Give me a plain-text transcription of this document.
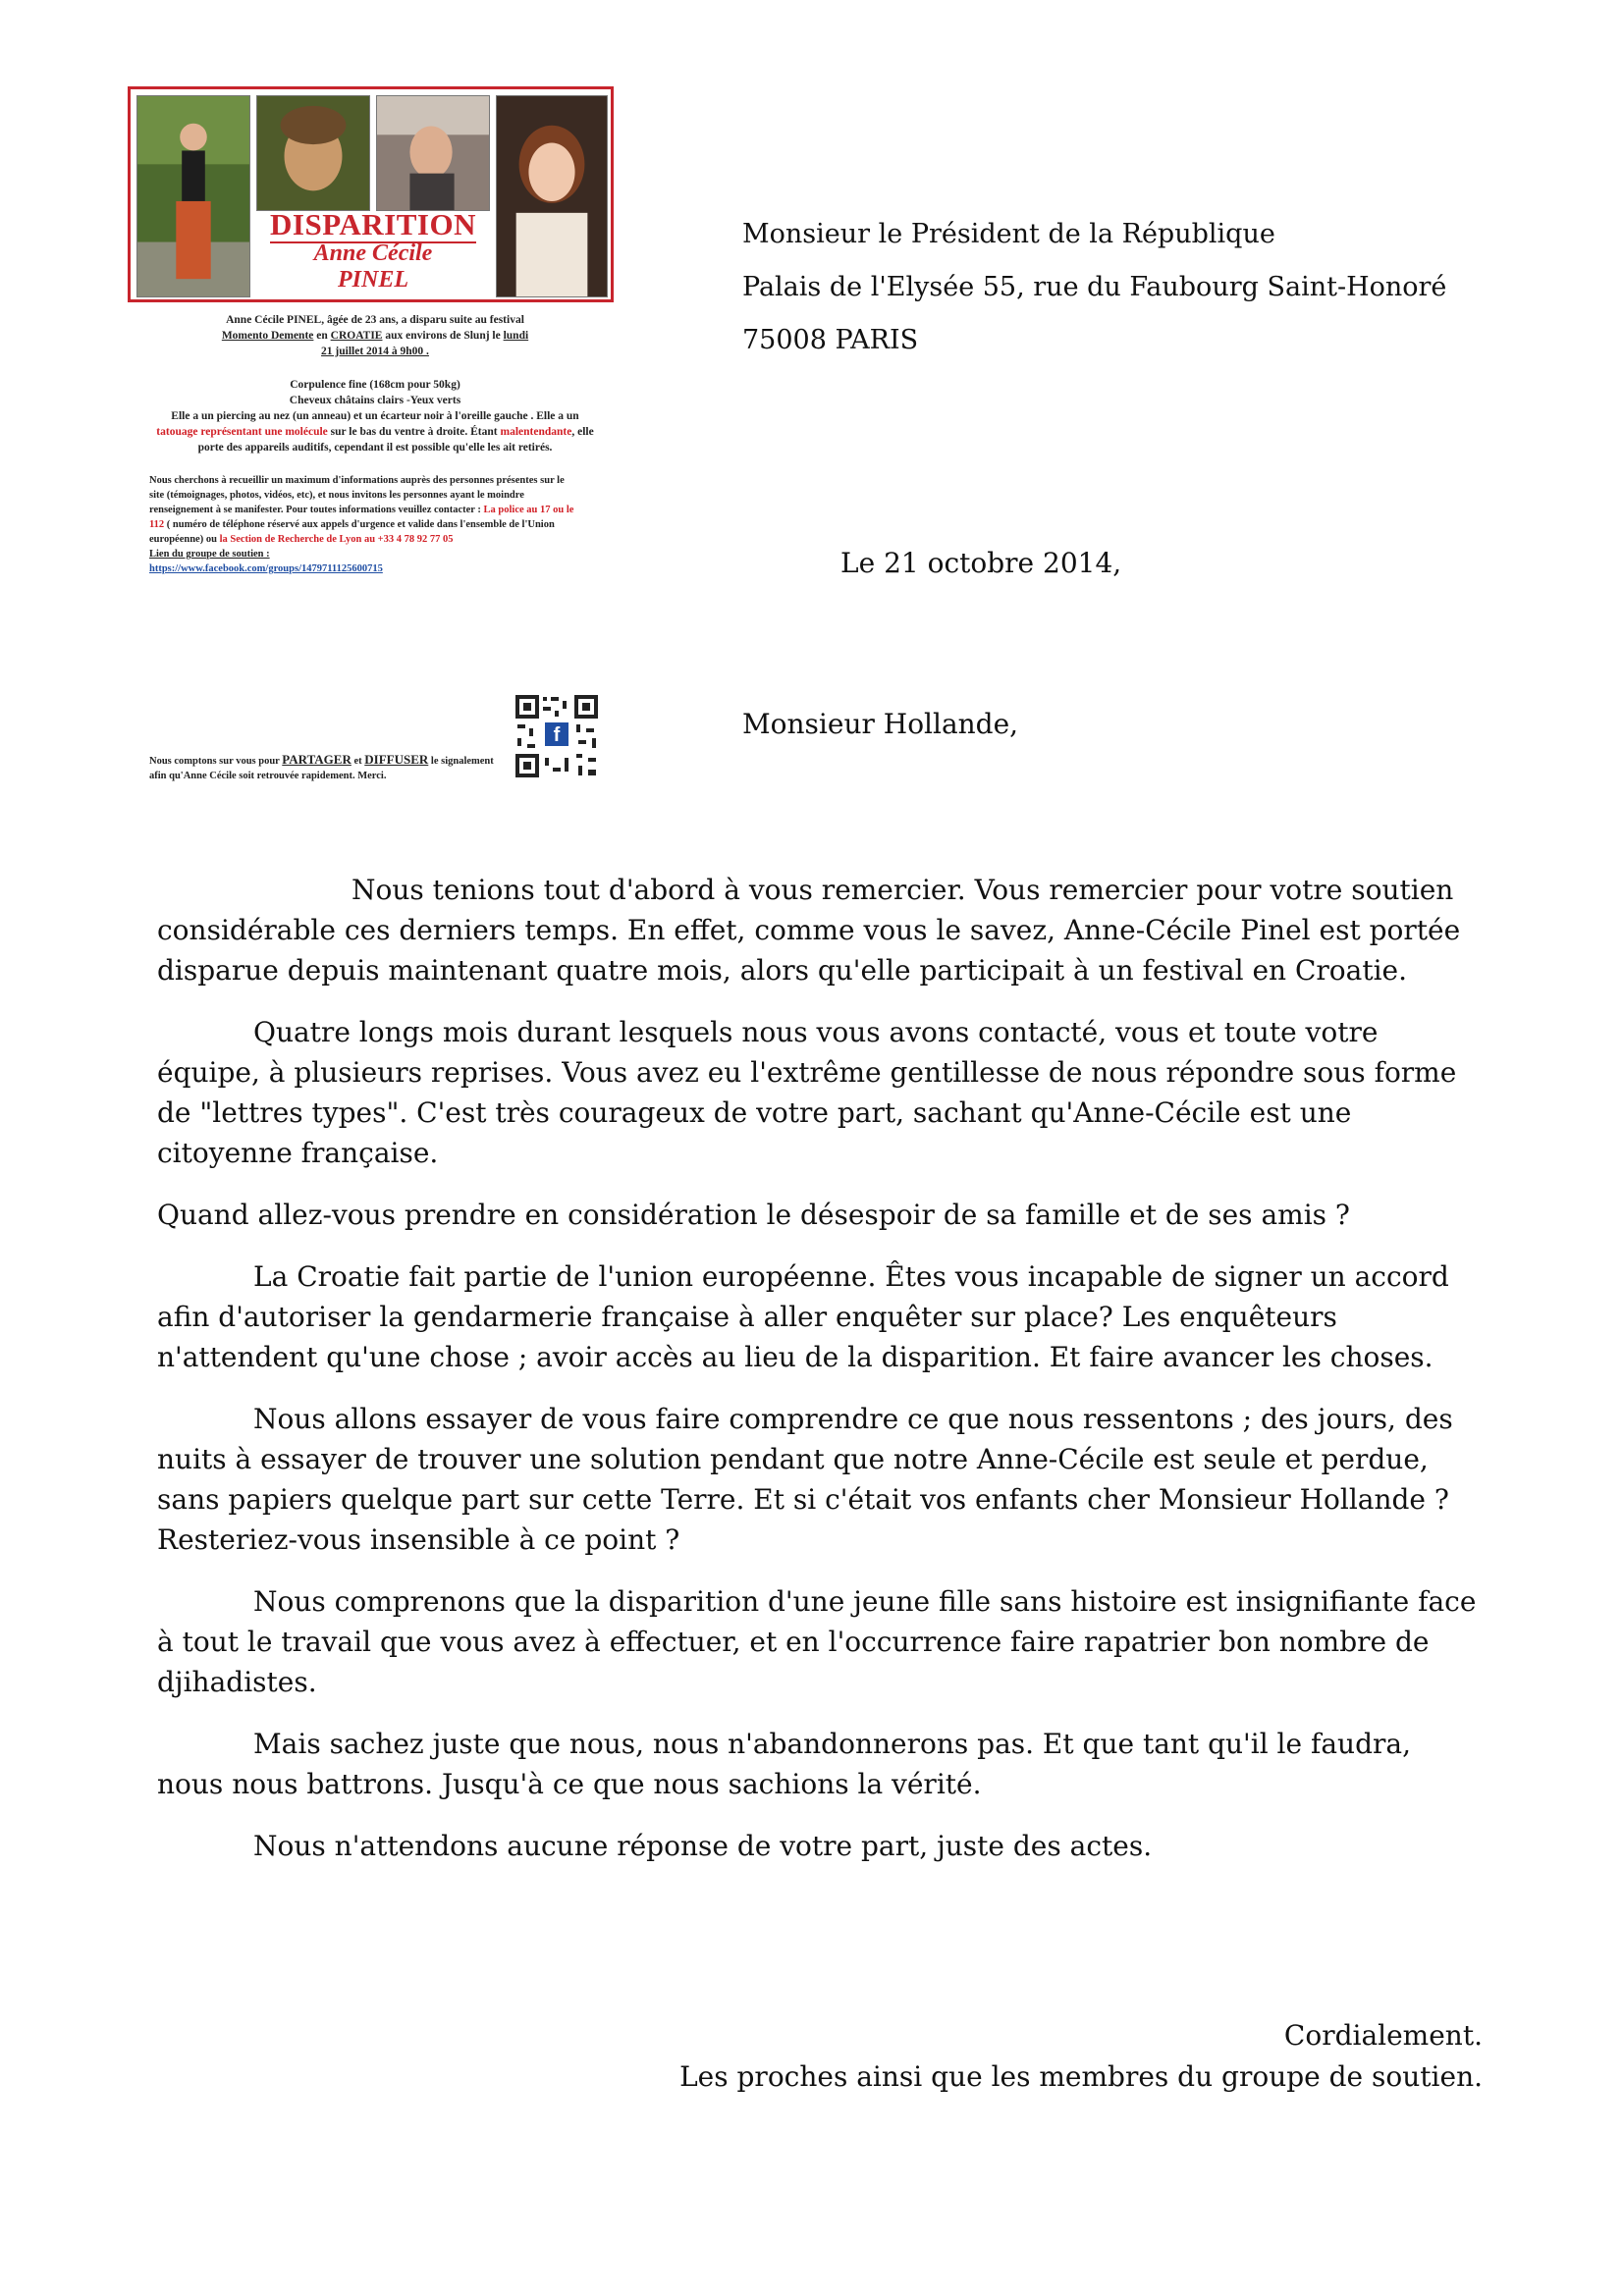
DISPARITION
Anne Cécile
PINEL
Anne Cécile PINEL, âgée de 23 ans, a disparu suite au festival
Momento Demente en CROATIE aux environs de Slunj le lundi
21 juillet 2014 à 9h00 .
Corpulence fine (168cm pour 50kg)
Cheveux châtains clairs -Yeux verts
Elle a un piercing au nez (un anneau) et un écarteur noir à l'oreille gauche . Elle a un tatouage représentant une molécule sur le bas du ventre à droite. Étant malentendante, elle porte des appareils auditifs, cependant il est possible qu'elle les ait retirés.
Nous cherchons à recueillir un maximum d'informations auprès des personnes présentes sur le site (témoignages, photos, vidéos, etc), et nous invitons les personnes ayant le moindre renseignement à se manifester. Pour toutes informations veuillez contacter : La police au 17 ou le 112 ( numéro de téléphone réservé aux appels d'urgence et valide dans l'ensemble de l'Union européenne) ou la Section de Recherche de Lyon au +33 4 78 92 77 05
Lien du groupe de soutien :
https://www.facebook.com/groups/1479711125600715
f
Nous comptons sur vous pour PARTAGER et DIFFUSER le signalement afin qu'Anne Cécile soit retrouvée rapidement. Merci.
Monsieur le Président de la République
Palais de l'Elysée 55, rue du Faubourg Saint-Honoré
75008 PARIS
Le 21 octobre 2014,
Monsieur Hollande,

Nous tenions tout d'abord à vous remercier. Vous remercier pour votre soutien considérable ces derniers temps. En effet, comme vous le savez, Anne-Cécile Pinel est portée disparue depuis maintenant quatre mois, alors qu'elle participait à un festival en Croatie.

Quatre longs mois durant lesquels nous vous avons contacté, vous et toute votre équipe, à plusieurs reprises. Vous avez eu l'extrême gentillesse de nous répondre sous forme de "lettres types". C'est très courageux de votre part, sachant qu'Anne-Cécile est une citoyenne française.

Quand allez-vous prendre en considération le désespoir de sa famille et de ses amis ?

La Croatie fait partie de l'union européenne. Êtes vous incapable de signer un accord afin d'autoriser la gendarmerie française à aller enquêter sur place? Les enquêteurs n'attendent qu'une chose ; avoir accès au lieu de la disparition. Et faire avancer les choses.

Nous allons essayer de vous faire comprendre ce que nous ressentons ; des jours, des nuits à essayer de trouver une solution pendant que notre Anne-Cécile est seule et perdue, sans papiers quelque part sur cette Terre. Et si c'était vos enfants cher Monsieur Hollande ? Resteriez-vous insensible à ce point ?

Nous comprenons que la disparition d'une jeune fille sans histoire est insignifiante face à tout le travail que vous avez à effectuer, et en l'occurrence faire rapatrier bon nombre de djihadistes.

Mais sachez juste que nous, nous n'abandonnerons pas. Et que tant qu'il le faudra, nous nous battrons. Jusqu'à ce que nous sachions la vérité.

Nous n'attendons aucune réponse de votre part, juste des actes.

Cordialement.
Les proches ainsi que les membres du groupe de soutien.
